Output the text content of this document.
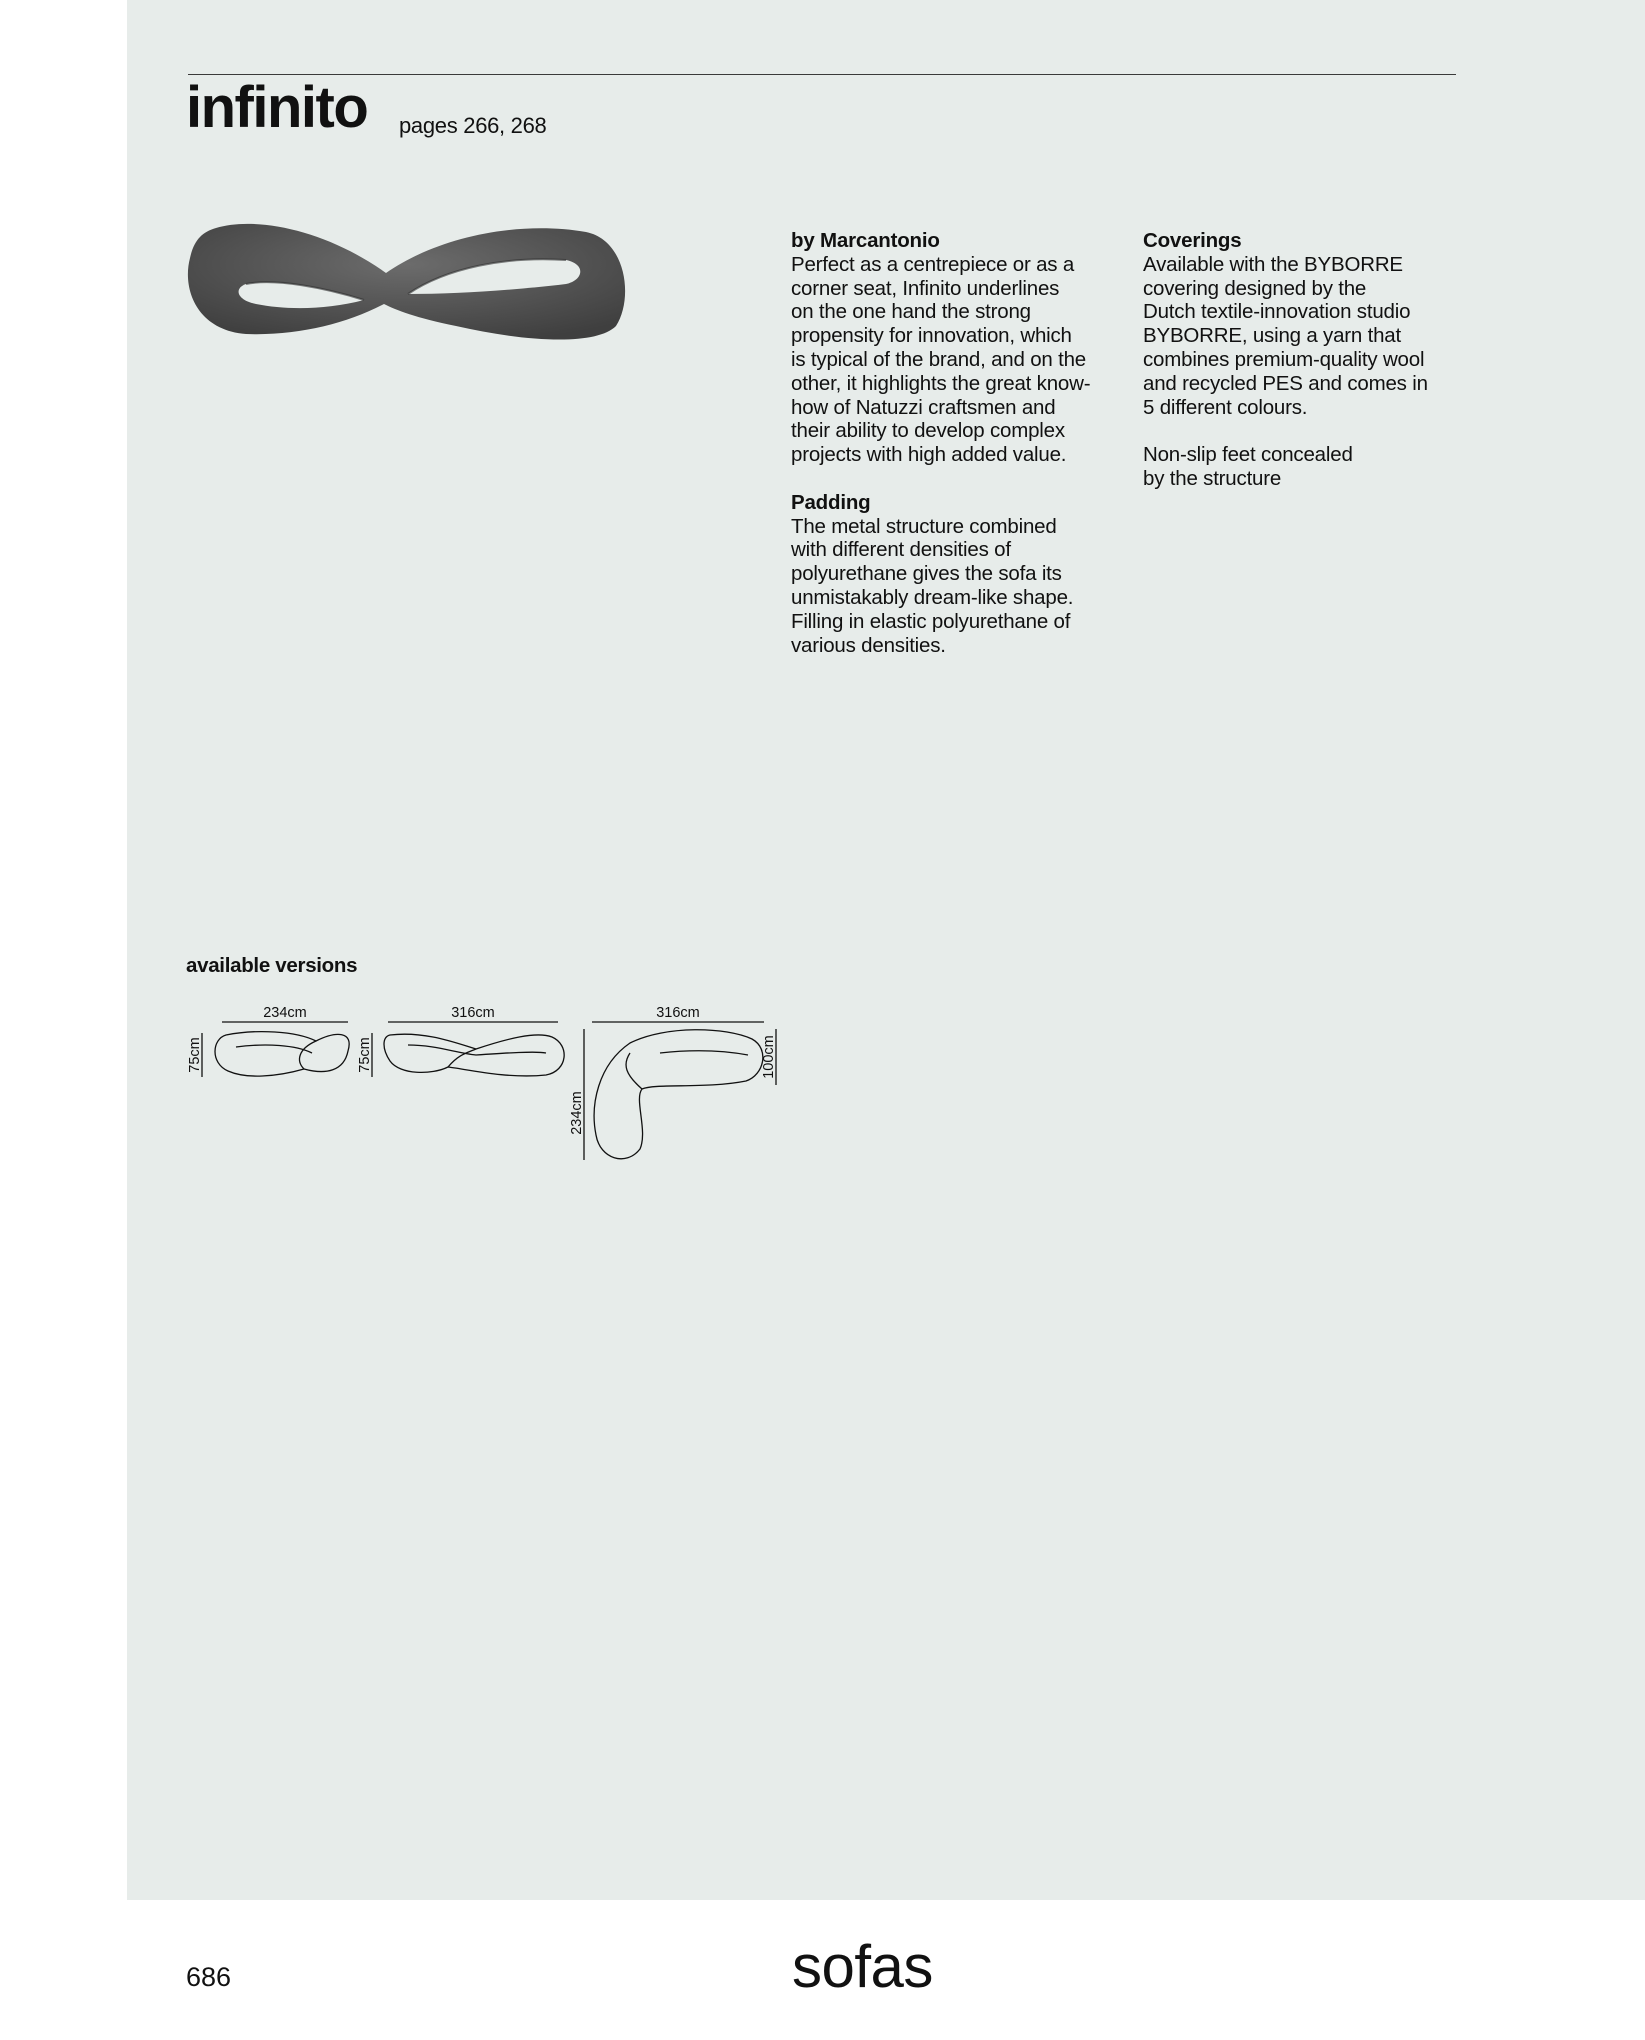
infinito pages 266, 268
by Marcantonio

Perfect as a centrepiece or as a
corner seat, Infinito underlines
on the one hand the strong
propensity for innovation, which
is typical of the brand, and on the
other, it highlights the great know-
how of Natuzzi craftsmen and
their ability to develop complex
projects with high added value.

Padding

The metal structure combined
with different densities of
polyurethane gives the sofa its
unmistakably dream-like shape.
Filling in elastic polyurethane of
various densities.

Coverings

Available with the BYBORRE
covering designed by the
Dutch textile-innovation studio
BYBORRE, using a yarn that
combines premium-quality wool
and recycled PES and comes in
5 different colours.

Non-slip feet concealed
by the structure

available versions
234cm
75cm
316cm
75cm
316cm
234cm
100cm
686	sofas
